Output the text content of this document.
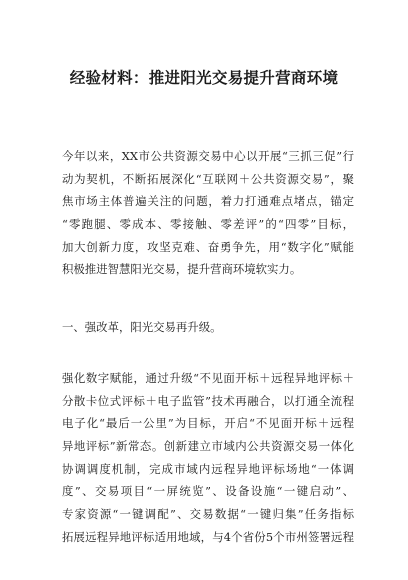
经验材料：推进阳光交易提升营商环境
今年以来，XX市公共资源交易中心以开展“三抓三促”行
动为契机，不断拓展深化“互联网＋公共资源交易”，聚
焦市场主体普遍关注的问题，着力打通难点堵点，锚定
“零跑腿、零成本、零接触、零差评”的“四零”目标，
加大创新力度，攻坚克难、奋勇争先，用“数字化”赋能
积极推进智慧阳光交易，提升营商环境软实力。
一、强改革，阳光交易再升级。
强化数字赋能，通过升级“不见面开标＋远程异地评标＋
分散卡位式评标＋电子监管”技术再融合，以打通全流程
电子化“最后一公里”为目标，开启“不见面开标＋远程
异地评标”新常态。创新建立市域内公共资源交易一体化
协调调度机制，完成市域内远程异地评标场地“一体调
度”、交易项目“一屏统览”、设备设施“一键启动”、
专家资源“一键调配”、交易数据“一键归集”任务指标
拓展远程异地评标适用地域，与4个省份5个市州签署远程
